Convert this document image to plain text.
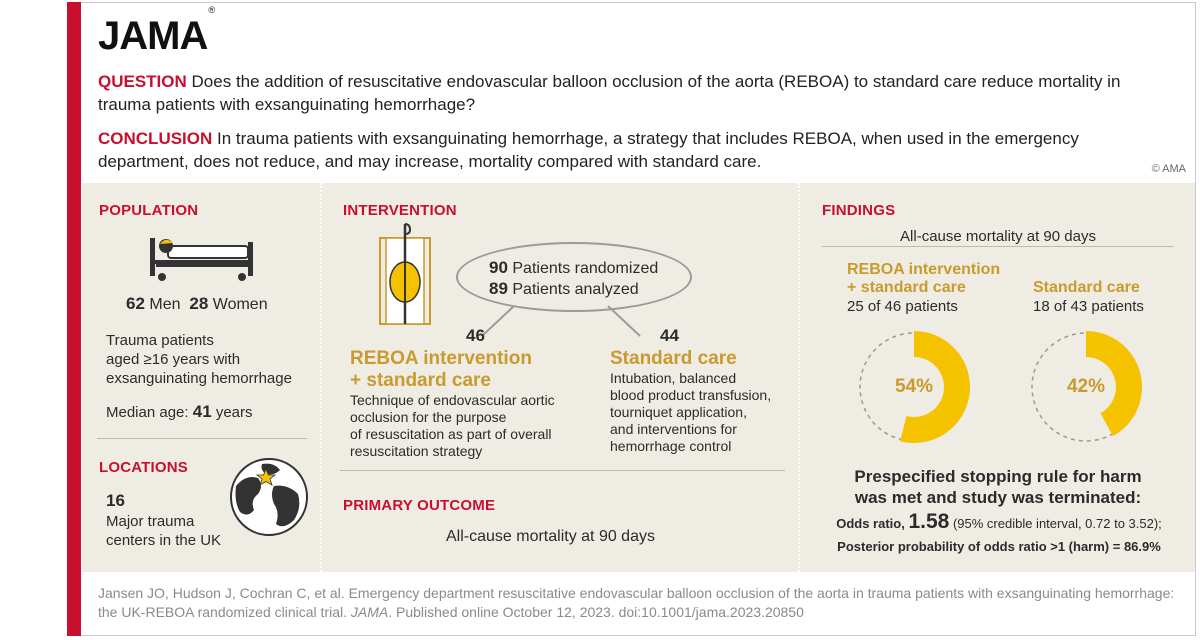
JAMA®
QUESTION Does the addition of resuscitative endovascular balloon occlusion of the aorta (REBOA) to standard care reduce mortality in trauma patients with exsanguinating hemorrhage?
CONCLUSION In trauma patients with exsanguinating hemorrhage, a strategy that includes REBOA, when used in the emergency department, does not reduce, and may increase, mortality compared with standard care.	© AMA
POPULATION
62 Men 28 Women
Trauma patients
aged ≥16 years with
exsanguinating hemorrhage
Median age: 41 years
LOCATIONS
16
Major trauma
centers in the UK
INTERVENTION
90 Patients randomized
89 Patients analyzed
46	44
REBOA intervention
+ standard care
Technique of endovascular aortic
occlusion for the purpose
of resuscitation as part of overall
resuscitation strategy
Standard care
Intubation, balanced
blood product transfusion,
tourniquet application,
and interventions for
hemorrhage control
PRIMARY OUTCOME
All-cause mortality at 90 days
FINDINGS
All-cause mortality at 90 days
REBOA intervention
+ standard care
25 of 46 patients
Standard care
18 of 43 patients
54%	42%
Prespecified stopping rule for harm
was met and study was terminated:
Odds ratio, 1.58 (95% credible interval, 0.72 to 3.52);
Posterior probability of odds ratio >1 (harm) = 86.9%
Jansen JO, Hudson J, Cochran C, et al. Emergency department resuscitative endovascular balloon occlusion of the aorta in trauma patients with exsanguinating hemorrhage: the UK-REBOA randomized clinical trial. JAMA. Published online October 12, 2023. doi:10.1001/jama.2023.20850
